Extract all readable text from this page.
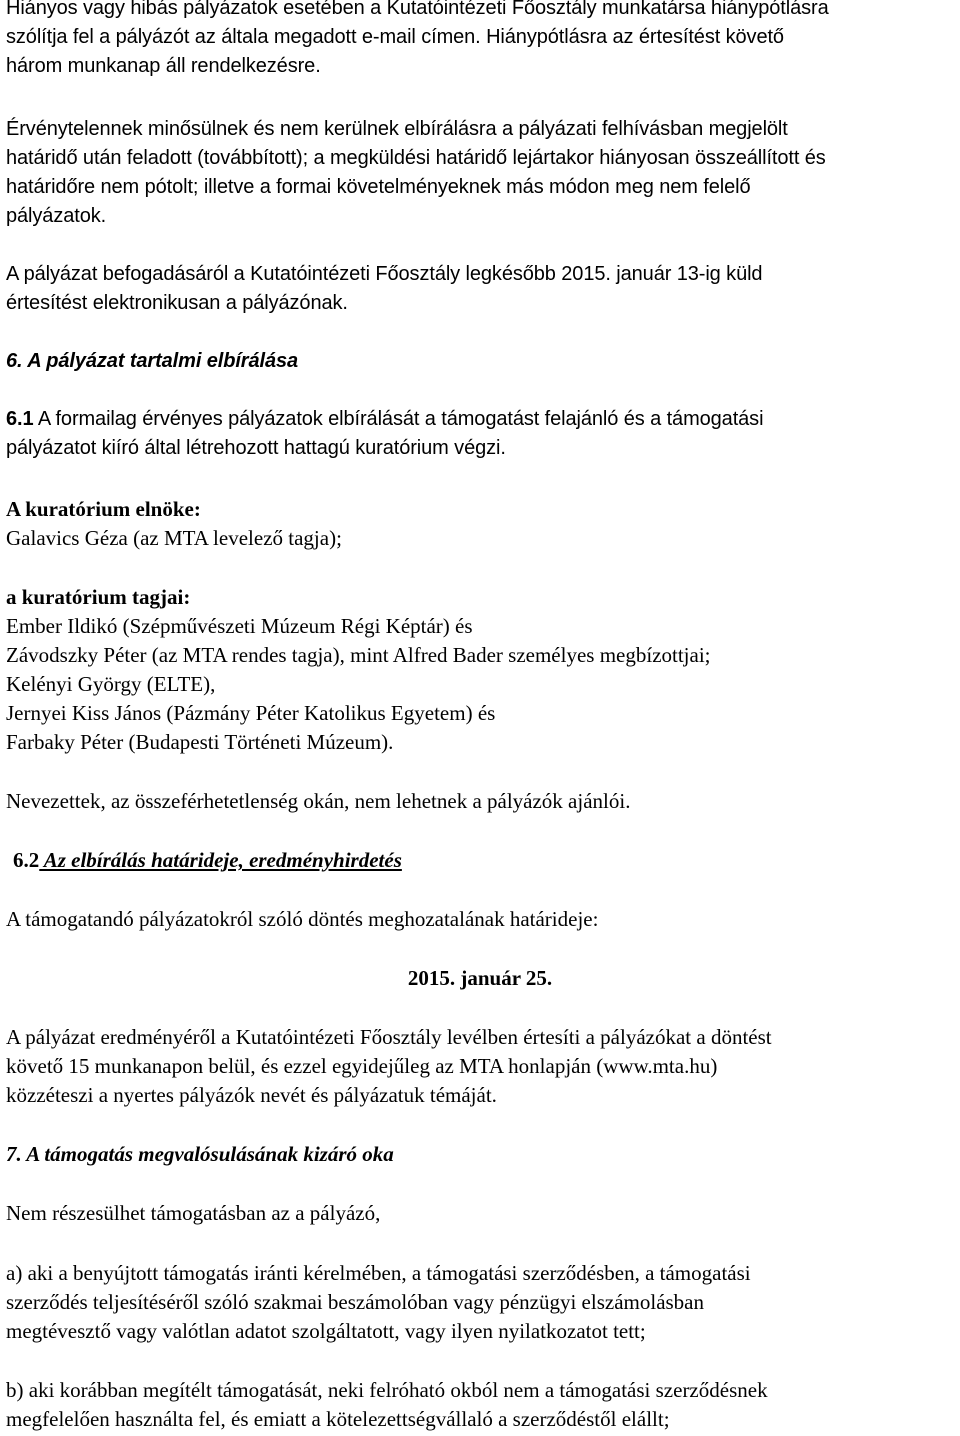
Hiányos vagy hibás pályázatok esetében a Kutatóintézeti Főosztály munkatársa hiánypótlásra
szólítja fel a pályázót az általa megadott e-mail címen. Hiánypótlásra az értesítést követő
három munkanap áll rendelkezésre.
Érvénytelennek minősülnek és nem kerülnek elbírálásra a pályázati felhívásban megjelölt
határidő után feladott (továbbított); a megküldési határidő lejártakor hiányosan összeállított és
határidőre nem pótolt; illetve a formai követelményeknek más módon meg nem felelő
pályázatok.
A pályázat befogadásáról a Kutatóintézeti Főosztály legkésőbb 2015. január 13-ig küld
értesítést elektronikusan a pályázónak.
6. A pályázat tartalmi elbírálása
6.1 A formailag érvényes pályázatok elbírálását a támogatást felajánló és a támogatási
pályázatot kiíró által létrehozott hattagú kuratórium végzi.
A kuratórium elnöke:
Galavics Géza (az MTA levelező tagja);
a kuratórium tagjai:
Ember Ildikó (Szépművészeti Múzeum Régi Képtár) és
Závodszky Péter (az MTA rendes tagja), mint Alfred Bader személyes megbízottjai;
Kelényi György (ELTE),
Jernyei Kiss János (Pázmány Péter Katolikus Egyetem) és
Farbaky Péter (Budapesti Történeti Múzeum).
Nevezettek, az összeférhetetlenség okán, nem lehetnek a pályázók ajánlói.
6.2 Az elbírálás határideje, eredményhirdetés
A támogatandó pályázatokról szóló döntés meghozatalának határideje:
2015. január 25.
A pályázat eredményéről a Kutatóintézeti Főosztály levélben értesíti a pályázókat a döntést
követő 15 munkanapon belül, és ezzel egyidejűleg az MTA honlapján (www.mta.hu)
közzéteszi a nyertes pályázók nevét és pályázatuk témáját.
7. A támogatás megvalósulásának kizáró oka
Nem részesülhet támogatásban az a pályázó,
a) aki a benyújtott támogatás iránti kérelmében, a támogatási szerződésben, a támogatási
szerződés teljesítéséről szóló szakmai beszámolóban vagy pénzügyi elszámolásban
megtévesztő vagy valótlan adatot szolgáltatott, vagy ilyen nyilatkozatot tett;
b) aki korábban megítélt támogatását, neki felróható okból nem a támogatási szerződésnek
megfelelően használta fel, és emiatt a kötelezettségvállaló a szerződéstől elállt;
